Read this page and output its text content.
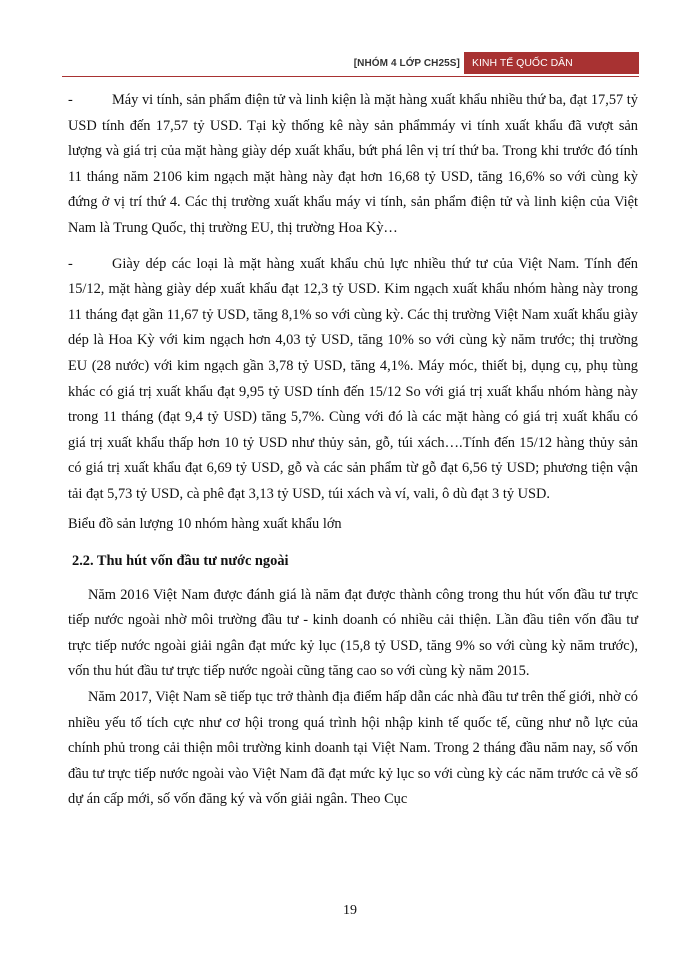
[NHÓM 4 LỚP CH25S]	KINH TẾ QUỐC DÂN

-	Máy vi tính, sản phẩm điện tử và linh kiện là mặt hàng xuất khẩu nhiều thứ ba, đạt 17,57 tỷ USD tính đến 17,57 tỷ USD. Tại kỳ thống kê này sản phẩmmáy vi tính xuất khẩu đã vượt sản lượng và giá trị của mặt hàng giày dép xuất khẩu, bứt phá lên vị trí thứ ba. Trong khi trước đó tính 11 tháng năm 2106 kim ngạch mặt hàng này đạt hơn 16,68 tỷ USD, tăng 16,6% so với cùng kỳ đứng ở vị trí thứ 4. Các thị trường xuất khẩu máy vi tính, sản phẩm điện tử và linh kiện của Việt Nam là Trung Quốc, thị trường EU, thị trường Hoa Kỳ…

-	Giày dép các loại là mặt hàng xuất khẩu chủ lực nhiều thứ tư của Việt Nam. Tính đến 15/12, mặt hàng giày dép xuất khẩu đạt 12,3 tỷ USD. Kim ngạch xuất khẩu nhóm hàng này trong 11 tháng đạt gần 11,67 tỷ USD, tăng 8,1% so với cùng kỳ. Các thị trường Việt Nam xuất khẩu giày dép là Hoa Kỳ với kim ngạch hơn 4,03 tỷ USD, tăng 10% so với cùng kỳ năm trước; thị trường EU (28 nước) với kim ngạch gần 3,78 tỷ USD, tăng 4,1%. Máy móc, thiết bị, dụng cụ, phụ tùng khác có giá trị xuất khẩu đạt 9,95 tỷ USD tính đến 15/12 So với giá trị xuất khẩu nhóm hàng này trong 11 tháng (đạt 9,4 tỷ USD) tăng 5,7%. Cùng với đó là các mặt hàng có giá trị xuất khẩu có giá trị xuất khẩu thấp hơn 10 tỷ USD như thủy sản, gỗ, túi xách….Tính đến 15/12 hàng thủy sản có giá trị xuất khẩu đạt 6,69 tỷ USD, gỗ và các sản phẩm từ gỗ đạt 6,56 tỷ USD; phương tiện vận tải đạt 5,73 tỷ USD, cà phê đạt 3,13 tỷ USD, túi xách và ví, vali, ô dù đạt 3 tỷ USD.

Biểu đồ sản lượng 10 nhóm hàng xuất khẩu lớn

2.2. Thu hút vốn đầu tư nước ngoài

Năm 2016 Việt Nam được đánh giá là năm đạt được thành công trong thu hút vốn đầu tư trực tiếp nước ngoài nhờ môi trường đầu tư - kinh doanh có nhiều cải thiện. Lần đầu tiên vốn đầu tư trực tiếp nước ngoài giải ngân đạt mức kỷ lục (15,8 tỷ USD, tăng 9% so với cùng kỳ năm trước), vốn thu hút đầu tư trực tiếp nước ngoài cũng tăng cao so với cùng kỳ năm 2015.

Năm 2017, Việt Nam sẽ tiếp tục trở thành địa điểm hấp dẫn các nhà đầu tư trên thế giới, nhờ có nhiều yếu tố tích cực như cơ hội trong quá trình hội nhập kinh tế quốc tế, cũng như nỗ lực của chính phủ trong cải thiện môi trường kinh doanh tại Việt Nam. Trong 2 tháng đầu năm nay, số vốn đầu tư trực tiếp nước ngoài vào Việt Nam đã đạt mức kỷ lục so với cùng kỳ các năm trước cả về số dự án cấp mới, số vốn đăng ký và vốn giải ngân. Theo Cục

19
